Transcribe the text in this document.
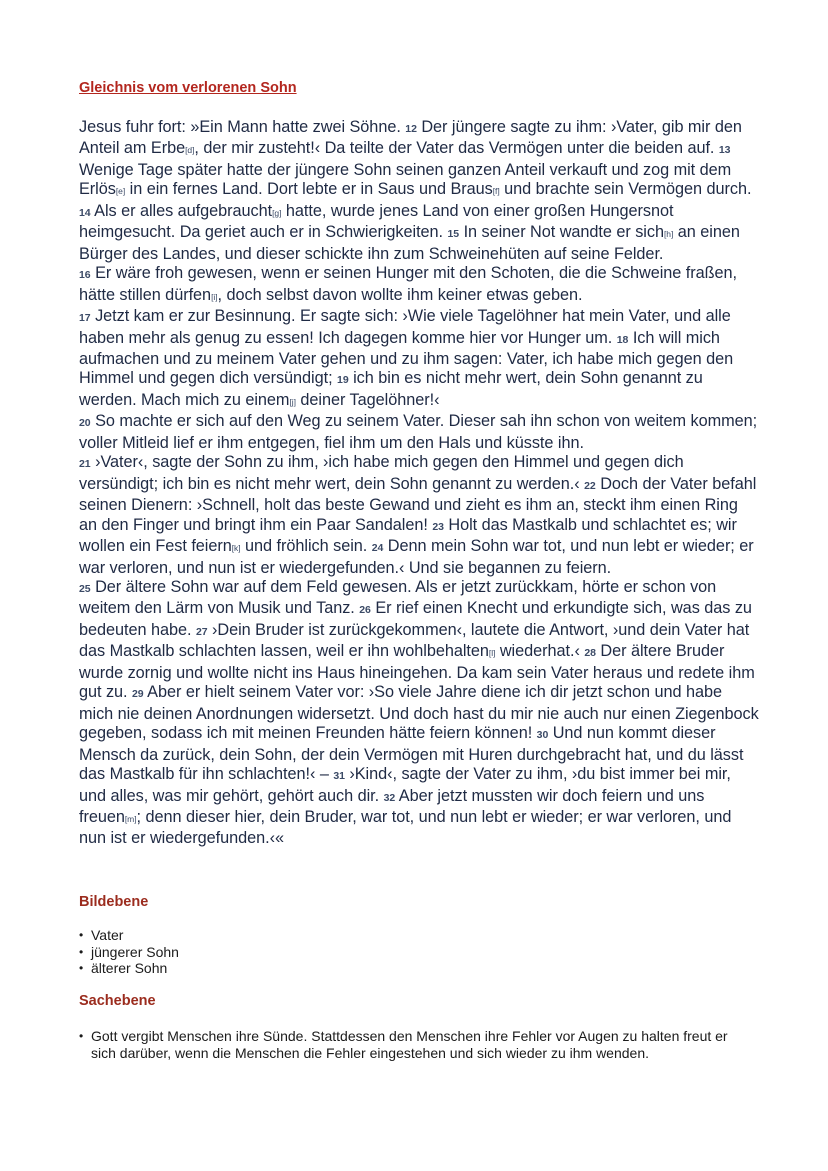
Gleichnis vom verlorenen Sohn

Jesus fuhr fort: »Ein Mann hatte zwei Söhne. 12 Der jüngere sagte zu ihm: ›Vater, gib mir den Anteil am Erbe[d], der mir zusteht!‹ Da teilte der Vater das Vermögen unter die beiden auf. 13 Wenige Tage später hatte der jüngere Sohn seinen ganzen Anteil verkauft und zog mit dem Erlös[e] in ein fernes Land. Dort lebte er in Saus und Braus[f] und brachte sein Vermögen durch.

14 Als er alles aufgebraucht[g] hatte, wurde jenes Land von einer großen Hungersnot heimgesucht. Da geriet auch er in Schwierigkeiten. 15 In seiner Not wandte er sich[h] an einen Bürger des Landes, und dieser schickte ihn zum Schweinehüten auf seine Felder.

16 Er wäre froh gewesen, wenn er seinen Hunger mit den Schoten, die die Schweine fraßen, hätte stillen dürfen[i], doch selbst davon wollte ihm keiner etwas geben.

17 Jetzt kam er zur Besinnung. Er sagte sich: ›Wie viele Tagelöhner hat mein Vater, und alle haben mehr als genug zu essen! Ich dagegen komme hier vor Hunger um. 18 Ich will mich aufmachen und zu meinem Vater gehen und zu ihm sagen: Vater, ich habe mich gegen den Himmel und gegen dich versündigt; 19 ich bin es nicht mehr wert, dein Sohn genannt zu werden. Mach mich zu einem[j] deiner Tagelöhner!‹

20 So machte er sich auf den Weg zu seinem Vater. Dieser sah ihn schon von weitem kommen; voller Mitleid lief er ihm entgegen, fiel ihm um den Hals und küsste ihn.

21 ›Vater‹, sagte der Sohn zu ihm, ›ich habe mich gegen den Himmel und gegen dich versündigt; ich bin es nicht mehr wert, dein Sohn genannt zu werden.‹ 22 Doch der Vater befahl seinen Dienern: ›Schnell, holt das beste Gewand und zieht es ihm an, steckt ihm einen Ring an den Finger und bringt ihm ein Paar Sandalen! 23 Holt das Mastkalb und schlachtet es; wir wollen ein Fest feiern[k] und fröhlich sein. 24 Denn mein Sohn war tot, und nun lebt er wieder; er war verloren, und nun ist er wiedergefunden.‹ Und sie begannen zu feiern.

25 Der ältere Sohn war auf dem Feld gewesen. Als er jetzt zurückkam, hörte er schon von weitem den Lärm von Musik und Tanz. 26 Er rief einen Knecht und erkundigte sich, was das zu bedeuten habe. 27 ›Dein Bruder ist zurückgekommen‹, lautete die Antwort, ›und dein Vater hat das Mastkalb schlachten lassen, weil er ihn wohlbehalten[l] wiederhat.‹ 28 Der ältere Bruder wurde zornig und wollte nicht ins Haus hineingehen. Da kam sein Vater heraus und redete ihm gut zu. 29 Aber er hielt seinem Vater vor: ›So viele Jahre diene ich dir jetzt schon und habe mich nie deinen Anordnungen widersetzt. Und doch hast du mir nie auch nur einen Ziegenbock gegeben, sodass ich mit meinen Freunden hätte feiern können! 30 Und nun kommt dieser Mensch da zurück, dein Sohn, der dein Vermögen mit Huren durchgebracht hat, und du lässt das Mastkalb für ihn schlachten!‹ – 31 ›Kind‹, sagte der Vater zu ihm, ›du bist immer bei mir, und alles, was mir gehört, gehört auch dir. 32 Aber jetzt mussten wir doch feiern und uns freuen[m]; denn dieser hier, dein Bruder, war tot, und nun lebt er wieder; er war verloren, und nun ist er wiedergefunden.‹«

Bildebene
• Vater
• jüngerer Sohn
• älterer Sohn
Sachebene
• Gott vergibt Menschen ihre Sünde. Stattdessen den Menschen ihre Fehler vor Augen zu halten freut er sich darüber, wenn die Menschen die Fehler eingestehen und sich wieder zu ihm wenden.
